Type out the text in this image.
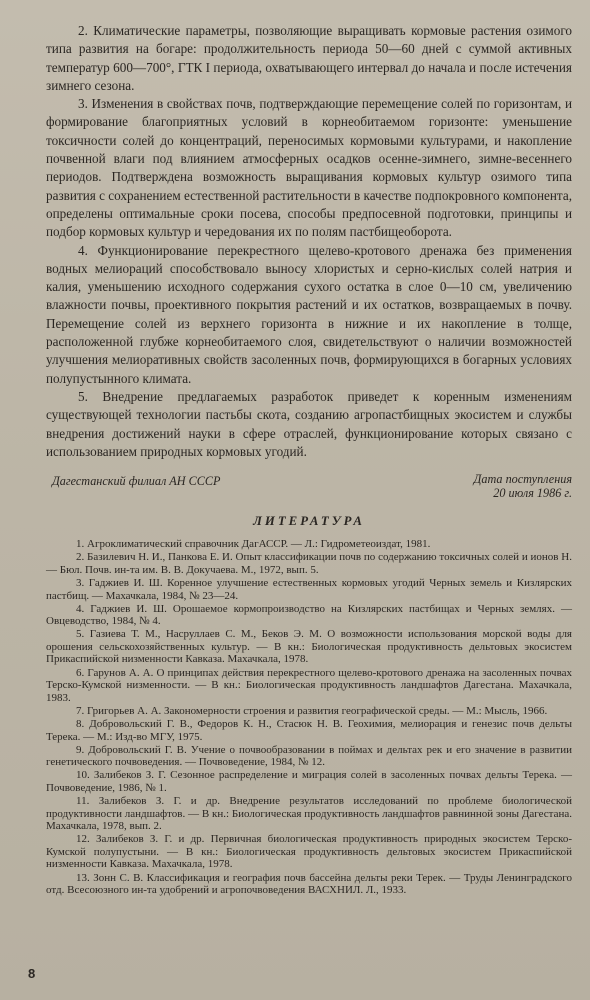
2. Климатические параметры, позволяющие выращивать кормовые растения озимого типа развития на богаре: продолжительность периода 50—60 дней с суммой активных температур 600—700°, ГТК I периода, охватывающего интервал до начала и после истечения зимнего сезона.

3. Изменения в свойствах почв, подтверждающие перемещение солей по горизонтам, и формирование благоприятных условий в корнеобитаемом горизонте: уменьшение токсичности солей до концентраций, переносимых кормовыми культурами, и накопление почвенной влаги под влиянием атмосферных осадков осенне-зимнего, зимне-весеннего периодов. Подтверждена возможность выращивания кормовых культур озимого типа развития с сохранением естественной растительности в качестве подпокровного компонента, определены оптимальные сроки посева, способы предпосевной подготовки, принципы и подбор кормовых культур и чередования их по полям пастбищеоборота.

4. Функционирование перекрестного щелево-кротового дренажа без применения водных мелиораций способствовало выносу хлористых и серно-кислых солей натрия и калия, уменьшению исходного содержания сухого остатка в слое 0—10 см, увеличению влажности почвы, проективного покрытия растений и их остатков, возвращаемых в почву. Перемещение солей из верхнего горизонта в нижние и их накопление в толще, расположенной глубже корнеобитаемого слоя, свидетельствуют о наличии возможностей улучшения мелиоративных свойств засоленных почв, формирующихся в богарных условиях полупустынного климата.

5. Внедрение предлагаемых разработок приведет к коренным изменениям существующей технологии пастьбы скота, созданию агропастбищных экосистем и службы внедрения достижений науки в сфере отраслей, функционирование которых связано с использованием природных кормовых угодий.

Дагестанский филиал АН СССР	Дата поступления
20 июля 1986 г.
ЛИТЕРАТУРА

1. Агроклиматический справочник ДагАССР. — Л.: Гидрометеоиздат, 1981.

2. Базилевич Н. И., Панкова Е. И. Опыт классификации почв по содержанию токсичных солей и ионов Н. — Бюл. Почв. ин-та им. В. В. Докучаева. М., 1972, вып. 5.

3. Гаджиев И. Ш. Коренное улучшение естественных кормовых угодий Черных земель и Кизлярских пастбищ. — Махачкала, 1984, № 23—24.

4. Гаджиев И. Ш. Орошаемое кормопроизводство на Кизлярских пастбищах и Черных землях. — Овцеводство, 1984, № 4.

5. Газиева Т. М., Насруллаев С. М., Беков Э. М. О возможности использования морской воды для орошения сельскохозяйственных культур. — В кн.: Биологическая продуктивность дельтовых экосистем Прикаспийской низменности Кавказа. Махачкала, 1978.

6. Гарунов А. А. О принципах действия перекрестного щелево-кротового дренажа на засоленных почвах Терско-Кумской низменности. — В кн.: Биологическая продуктивность ландшафтов Дагестана. Махачкала, 1983.

7. Григорьев А. А. Закономерности строения и развития географической среды. — М.: Мысль, 1966.

8. Добровольский Г. В., Федоров К. Н., Стасюк Н. В. Геохимия, мелиорация и генезис почв дельты Терека. — М.: Изд-во МГУ, 1975.

9. Добровольский Г. В. Учение о почвообразовании в поймах и дельтах рек и его значение в развитии генетического почвоведения. — Почвоведение, 1984, № 12.

10. Залибеков З. Г. Сезонное распределение и миграция солей в засоленных почвах дельты Терека. — Почвоведение, 1986, № 1.

11. Залибеков З. Г. и др. Внедрение результатов исследований по проблеме биологической продуктивности ландшафтов. — В кн.: Биологическая продуктивность ландшафтов равнинной зоны Дагестана. Махачкала, 1978, вып. 2.

12. Залибеков З. Г. и др. Первичная биологическая продуктивность природных экосистем Терско-Кумской полупустыни. — В кн.: Биологическая продуктивность дельтовых экосистем Прикаспийской низменности Кавказа. Махачкала, 1978.

13. Зонн С. В. Классификация и география почв бассейна дельты реки Терек. — Труды Ленинградского отд. Всесоюзного ин-та удобрений и агропочвоведения ВАСХНИЛ. Л., 1933.

8
